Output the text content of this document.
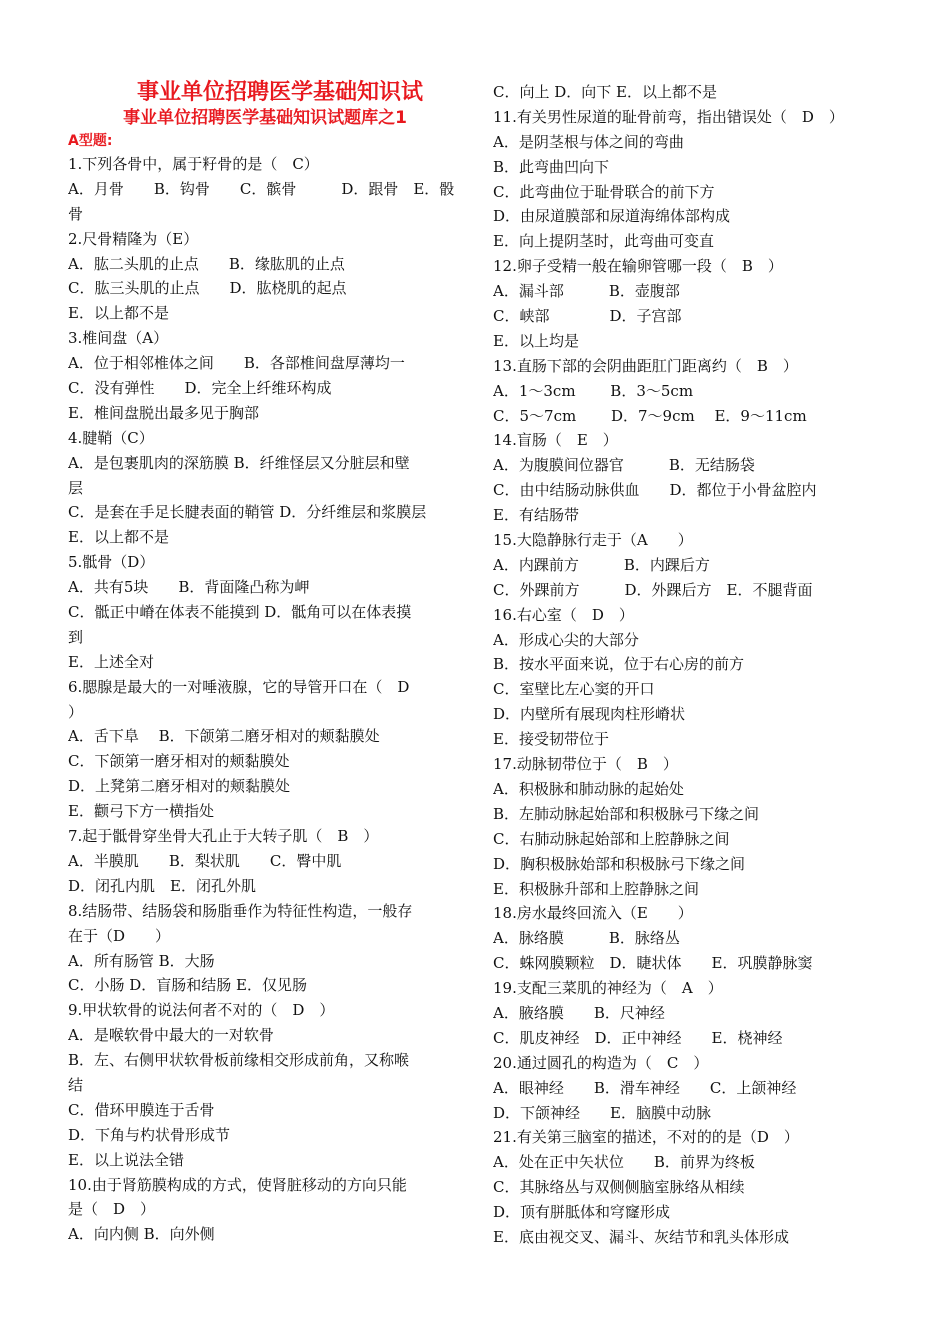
事业单位招聘医学基础知识试
事业单位招聘医学基础知识试题库之1
A型题:
1.下列各骨中，属于籽骨的是（　C）
A．月骨　　B．钩骨　　C．髌骨　　　D．跟骨　E．骰
骨
2.尺骨精隆为（E）
A．肱二头肌的止点　　B．缘肱肌的止点
C．肱三头肌的止点　　D．肱桡肌的起点
E．以上都不是
3.椎间盘（A）
A．位于相邻椎体之间　　B．各部椎间盘厚薄均一
C．没有弹性　　D．完全上纤维环构成
E．椎间盘脱出最多见于胸部
4.腱鞘（C）
A．是包裹肌肉的深筋膜 B．纤维怪层又分脏层和壁
层
C．是套在手足长腱表面的鞘管 D．分纤维层和浆膜层
E．以上都不是
5.骶骨（D）
A．共有5块　　B．背面隆凸称为岬
C．骶正中嵴在体表不能摸到 D．骶角可以在体表摸
到
E．上述全对
6.腮腺是最大的一对唾液腺，它的导管开口在（　D
）
A．舌下阜　 B．下颌第二磨牙相对的颊黏膜处
C．下颌第一磨牙相对的颊黏膜处
D．上凳第二磨牙相对的颊黏膜处
E．颧弓下方一横指处
7.起于骶骨穿坐骨大孔止于大转子肌（　B　）
A．半膜肌　　B．梨状肌　　C．臀中肌
D．闭孔内肌　E．闭孔外肌
8.结肠带、结肠袋和肠脂垂作为特征性构造，一般存
在于（D　　）
A．所有肠管 B．大肠
C．小肠 D．盲肠和结肠 E．仅见肠
9.甲状软骨的说法何者不对的（　D　）
A．是喉软骨中最大的一对软骨
B．左、右侧甲状软骨板前缘相交形成前角，又称喉
结
C．借环甲膜连于舌骨
D．下角与杓状骨形成节
E．以上说法全错
10.由于肾筋膜构成的方式，使肾脏移动的方向只能
是（　D　）
A．向内侧 B．向外侧
C．向上 D．向下 E．以上都不是
11.有关男性尿道的耻骨前弯，指出错误处（　D　）
A．是阴茎根与体之间的弯曲
B．此弯曲凹向下
C．此弯曲位于耻骨联合的前下方
D．由尿道膜部和尿道海绵体部构成
E．向上提阴茎时，此弯曲可变直
12.卵子受精一般在输卵管哪一段（　B　）
A．漏斗部　　　B．壶腹部
C．峡部　　　　D．子宫部
E．以上均是
13.直肠下部的会阴曲距肛门距离约（　B　）
A．1～3cm　　 B．3～5cm
C．5～7cm　　 D．7～9cm　 E．9～11cm
14.盲肠（　E　）
A．为腹膜间位器官　　　B．无结肠袋
C．由中结肠动脉供血　　D．都位于小骨盆腔内
E．有结肠带
15.大隐静脉行走于（A　　）
A．内踝前方　　　B．内踝后方
C．外踝前方　　　D．外踝后方　E．不腿背面
16.右心室（　D　）
A．形成心尖的大部分
B．按水平面来说，位于右心房的前方
C．室壁比左心窦的开口
D．内壁所有展现肉柱形嵴状
E．接受韧带位于
17.动脉韧带位于（　B　）
A．积极脉和肺动脉的起始处
B．左肺动脉起始部和积极脉弓下缘之间
C．右肺动脉起始部和上腔静脉之间
D．胸积极脉始部和积极脉弓下缘之间
E．积极脉升部和上腔静脉之间
18.房水最终回流入（E　　）
A．脉络膜　　　B．脉络丛
C．蛛网膜颗粒　D．睫状体　　E．巩膜静脉窦
19.支配三菜肌的神经为（　A　）
A．腋络膜　　B．尺神经
C．肌皮神经　D．正中神经　　E．桡神经
20.通过圆孔的构造为（　C　）
A．眼神经　　B．滑车神经　　C．上颌神经
D．下颌神经　　E．脑膜中动脉
21.有关第三脑室的描述，不对的的是（D　）
A．处在正中矢状位　　B．前界为终板
C．其脉络丛与双侧侧脑室脉络从相续
D．顶有胼胝体和穹窿形成
E．底由视交叉、漏斗、灰结节和乳头体形成
